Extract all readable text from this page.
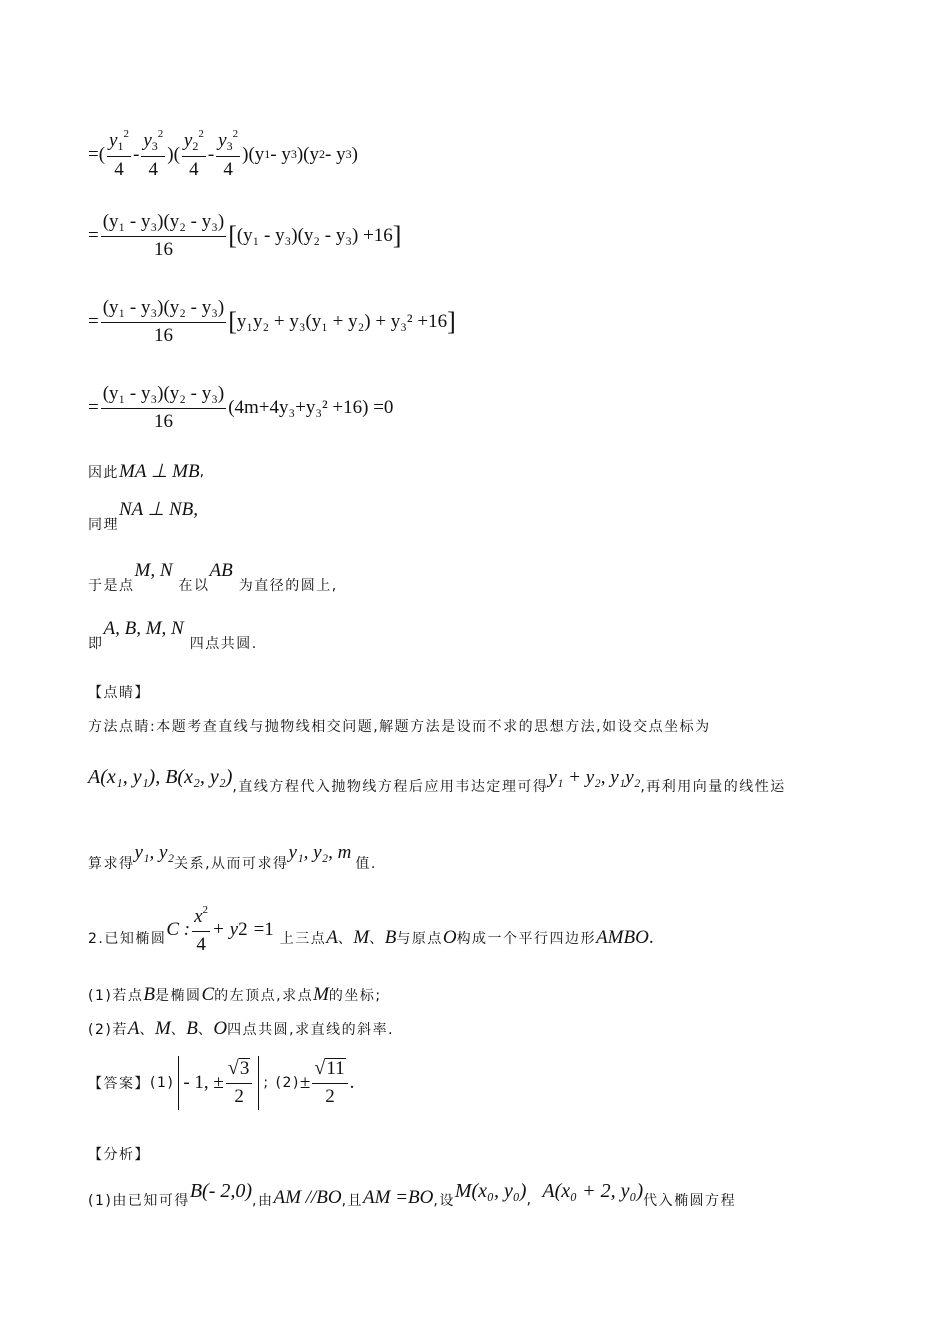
=( $\frac{y_1^2}{4} - \frac{y_3^2}{4}$ )( $\frac{y_2^2}{4} - \frac{y_3^2}{4}$ ) (y 1 - y 3 )(y 2 - y 3 )
= $\frac{\text{(y₁ - y₃)(y₂ - y₃)}}{16}$ [ (y₁ - y₃)(y₂ - y₃) +16 ]
= $\frac{\text{(y₁ - y₃)(y₂ - y₃)}}{16}$ [ y₁y₂ + y₃(y₁ + y₂) + y₃² +16 ]
= $\frac{\text{(y₁ - y₃)(y₂ - y₃)}}{16} (4m+4y_3+y_3^2 +16) =0$
因此 MA ⊥ MB ,
同理
NA ⊥ NB,
于是点
M, N
在以
AB
为直径的圆上,
即
A, B, M, N
四点共圆.
【点睛】
方法点睛:本题考查直线与抛物线相交问题,解题方法是设而不求的思想方法,如设交点坐标为
A(x₁, y₁), B(x₂, y₂) ,直线方程代入抛物线方程后应用韦达定理可得 y₁ + y₂, y₁y₂ ,再利用向量的线性运
算求得
y₁, y₂
关系,从而可求得
y₁, y₂, m
值.
2.已知椭圆 C : $\frac{x^2}{4} + y$ 2 =1 上三点 A 、 M 、 B 与原点 O 构成一个平行四边形 AMBO .
(1)若点 B 是椭圆 C 的左顶点,求点 M 的坐标;
(2)若 A 、 M 、 B 、 O 四点共圆,求直线 的斜率.
【答案】 (1) - 1, ± $\frac{√ 3}{2}$ ; $(2) \pm \frac{√ 11}{2}$ .
【分析】
(1)由已知可得 B(- 2,0) ,由 AM //BO ,且 AM =BO ,设 M(x₀, y₀) , A(x₀ + 2, y₀) 代入椭圆方程
